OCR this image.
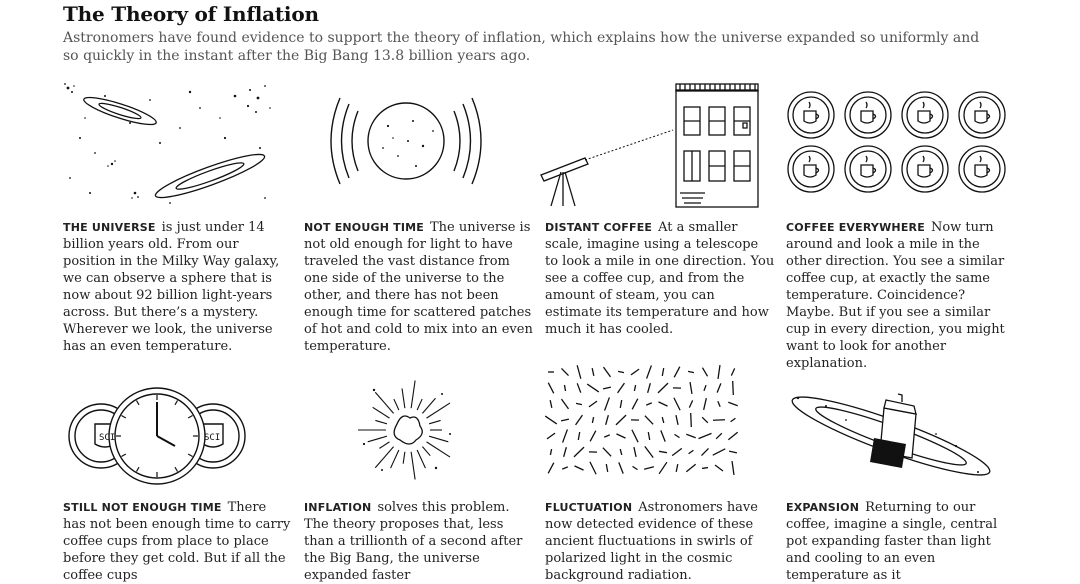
The Theory of Inflation

Astronomers have found evidence to support the theory of inflation, which explains how the universe expanded so uniformly and so quickly in the instant after the Big Bang 13.8 billion years ago.

THE UNIVERSE is just under 14 billion years old. From our position in the Milky Way galaxy, we can observe a sphere that is now about 92 billion light-years across. But there’s a mystery. Wherever we look, the universe has an even temperature.

NOT ENOUGH TIME The universe is not old enough for light to have traveled the vast distance from one side of the universe to the other, and there has not been enough time for scattered patches of hot and cold to mix into an even temperature.

DISTANT COFFEE At a smaller scale, imagine using a telescope to look a mile in one direction. You see a coffee cup, and from the amount of steam, you can estimate its temperature and how much it has cooled.

COFFEE EVERYWHERE Now turn around and look a mile in the other direction. You see a similar coffee cup, at exactly the same temperature. Coincidence? Maybe. But if you see a similar cup in every direction, you might want to look for another explanation.

SCI	SCI

STILL NOT ENOUGH TIME There has not been enough time to carry coffee cups from place to place before they get cold. But if all the coffee cups

INFLATION solves this problem. The theory proposes that, less than a trillionth of a second after the Big Bang, the universe expanded faster

FLUCTUATION Astronomers have now detected evidence of these ancient fluctuations in swirls of polarized light in the cosmic background radiation.

EXPANSION Returning to our coffee, imagine a single, central pot expanding faster than light and cooling to an even temperature as it
